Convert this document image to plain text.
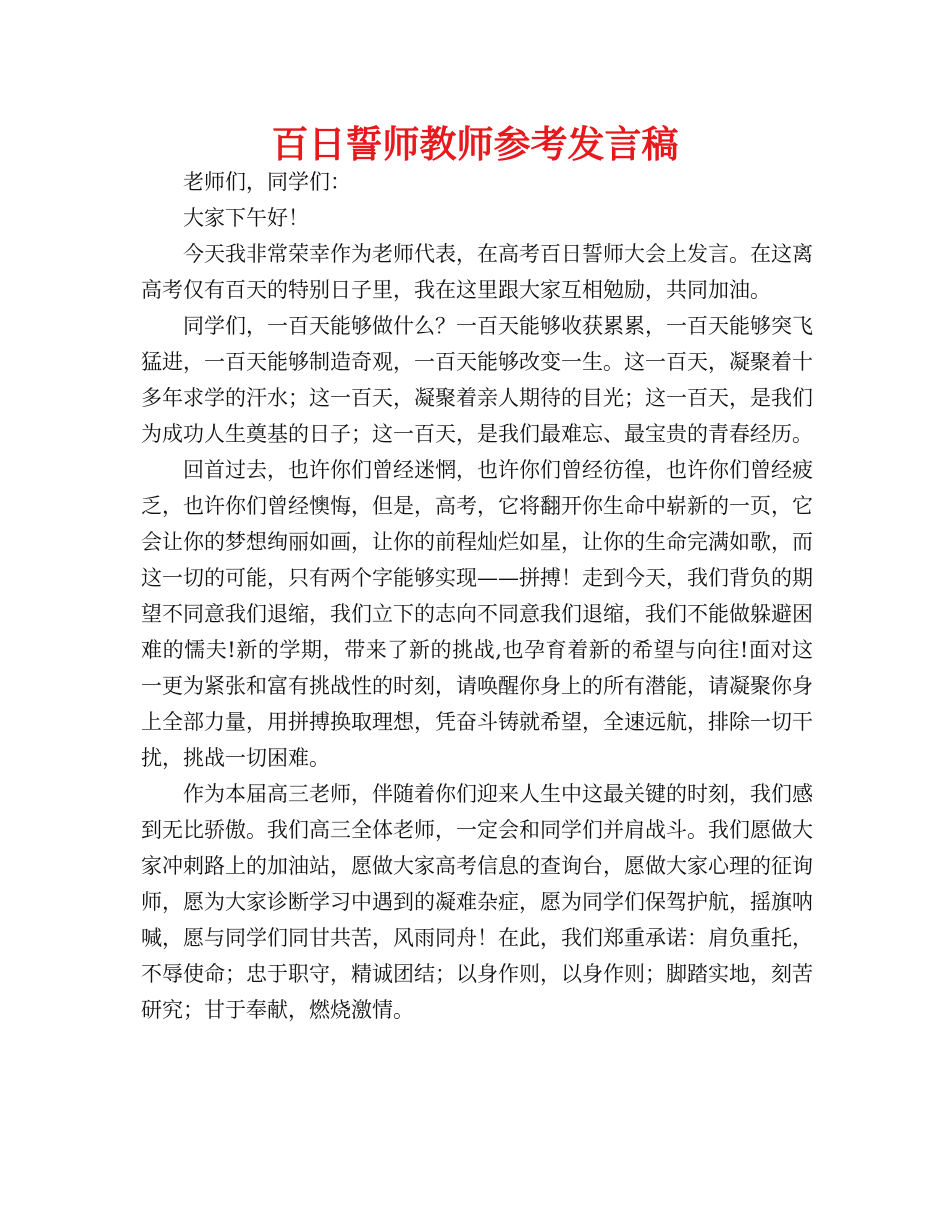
百日誓师教师参考发言稿

老师们，同学们：

大家下午好！

今天我非常荣幸作为老师代表，在高考百日誓师大会上发言。在这离高考仅有百天的特别日子里，我在这里跟大家互相勉励，共同加油。

同学们，一百天能够做什么？一百天能够收获累累，一百天能够突飞猛进，一百天能够制造奇观，一百天能够改变一生。这一百天，凝聚着十多年求学的汗水；这一百天，凝聚着亲人期待的目光；这一百天，是我们为成功人生奠基的日子；这一百天，是我们最难忘、最宝贵的青春经历。

回首过去，也许你们曾经迷惘，也许你们曾经彷徨，也许你们曾经疲乏，也许你们曾经懊悔，但是，高考，它将翻开你生命中崭新的一页，它会让你的梦想绚丽如画，让你的前程灿烂如星，让你的生命完满如歌，而这一切的可能，只有两个字能够实现——拼搏！走到今天，我们背负的期望不同意我们退缩，我们立下的志向不同意我们退缩，我们不能做躲避困难的懦夫!新的学期，带来了新的挑战,也孕育着新的希望与向往!面对这一更为紧张和富有挑战性的时刻，请唤醒你身上的所有潜能，请凝聚你身上全部力量，用拼搏换取理想，凭奋斗铸就希望，全速远航，排除一切干扰，挑战一切困难。

作为本届高三老师，伴随着你们迎来人生中这最关键的时刻，我们感到无比骄傲。我们高三全体老师，一定会和同学们并肩战斗。我们愿做大家冲刺路上的加油站，愿做大家高考信息的查询台，愿做大家心理的征询师，愿为大家诊断学习中遇到的凝难杂症，愿为同学们保驾护航，摇旗呐喊，愿与同学们同甘共苦，风雨同舟！在此，我们郑重承诺：肩负重托，不辱使命；忠于职守，精诚团结；以身作则，以身作则；脚踏实地，刻苦研究；甘于奉献，燃烧激情。
